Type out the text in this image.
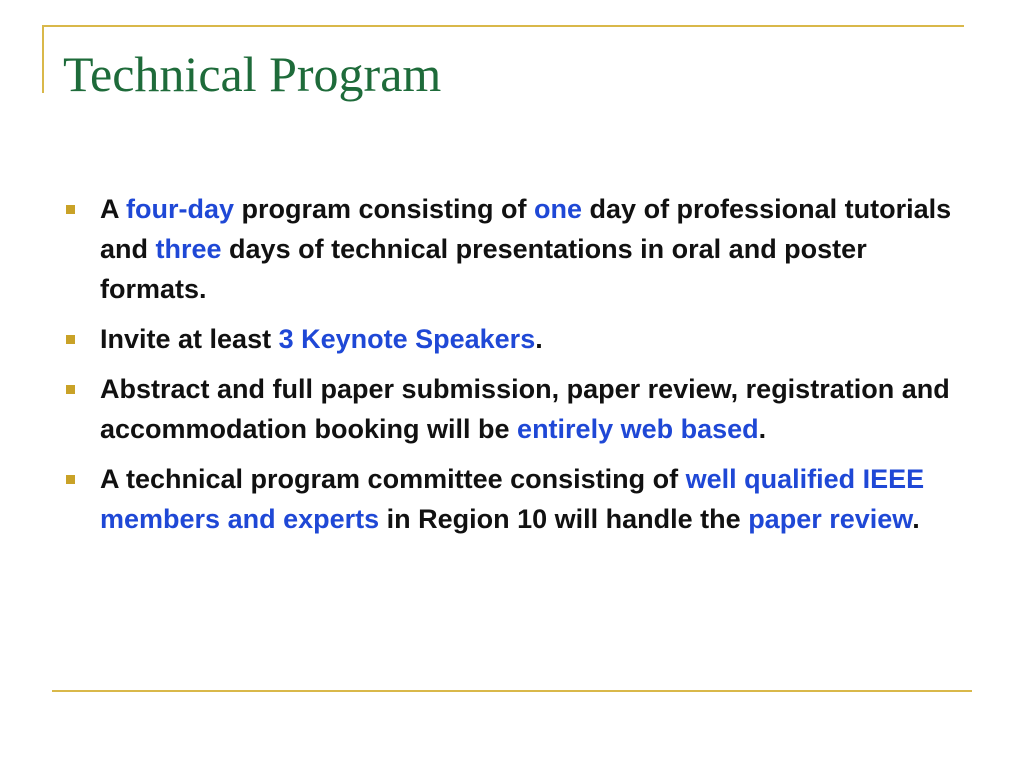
Technical Program
A four-day program consisting of one day of professional tutorials and three days of technical presentations in oral and poster formats.
Invite at least 3 Keynote Speakers.
Abstract and full paper submission, paper review, registration and accommodation booking will be entirely web based.
A technical program committee consisting of well qualified IEEE members and experts in Region 10 will handle the paper review.
